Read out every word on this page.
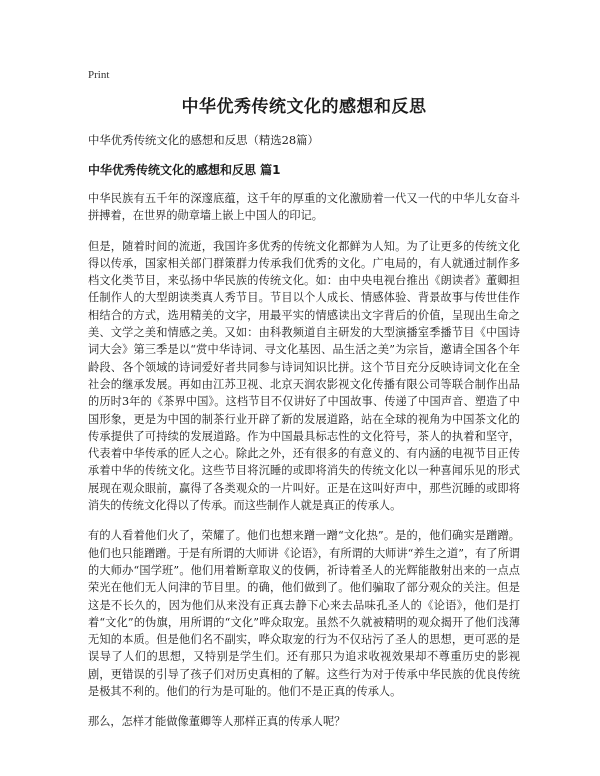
Print
中华优秀传统文化的感想和反思

中华优秀传统文化的感想和反思（精选28篇）

中华优秀传统文化的感想和反思 篇1

中华民族有五千年的深邃底蕴，这千年的厚重的文化激励着一代又一代的中华儿女奋斗拼搏着，在世界的勋章墙上嵌上中国人的印记。

但是，随着时间的流逝，我国许多优秀的传统文化都鲜为人知。为了让更多的传统文化得以传承，国家相关部门群策群力传承我们优秀的文化。广电局的，有人就通过制作多档文化类节目，来弘扬中华民族的传统文化。如：由中央电视台推出《朗读者》董卿担任制作人的大型朗读类真人秀节目。节目以个人成长、情感体验、背景故事与传世佳作相结合的方式，选用精美的文字，用最平实的情感读出文字背后的价值，呈现出生命之美、文学之美和情感之美。又如：由科教频道自主研发的大型演播室季播节目《中国诗词大会》第三季是以“赏中华诗词、寻文化基因、品生活之美”为宗旨，邀请全国各个年龄段、各个领域的诗词爱好者共同参与诗词知识比拼。这个节目充分反映诗词文化在全社会的继承发展。再如由江苏卫视、北京天润农影视文化传播有限公司等联合制作出品的历时3年的《茶界中国》。这档节目不仅讲好了中国故事、传递了中国声音、塑造了中国形象，更是为中国的制茶行业开辟了新的发展道路，站在全球的视角为中国茶文化的传承提供了可持续的发展道路。作为中国最具标志性的文化符号，茶人的执着和坚守，代表着中华传承的匠人之心。除此之外，还有很多的有意义的、有内涵的电视节目正传承着中华的传统文化。这些节目将沉睡的或即将消失的传统文化以一种喜闻乐见的形式展现在观众眼前，赢得了各类观众的一片叫好。正是在这叫好声中，那些沉睡的或即将消失的传统文化得以了传承。而这些制作人就是真正的传承人。

有的人看着他们火了，荣耀了。他们也想来蹭一蹭“文化热”。是的，他们确实是蹭蹭。他们也只能蹭蹭。于是有所谓的大师讲《论语》，有所谓的大师讲“养生之道”，有了所谓的大师办“国学班”。他们用着断章取义的伎俩，祈诗着圣人的光辉能散射出来的一点点荣光在他们无人问津的节目里。的确，他们做到了。他们骗取了部分观众的关注。但是这是不长久的，因为他们从来没有正真去静下心来去品味孔圣人的《论语》，他们是打着“文化”的伪旗，用所谓的“文化”哗众取宠。虽然不久就被精明的观众揭开了他们浅薄无知的本质。但是他们名不副实，哗众取宠的行为不仅玷污了圣人的思想，更可恶的是误导了人们的思想，又特别是学生们。还有那只为追求收视效果却不尊重历史的影视剧，更错误的引导了孩子们对历史真相的了解。这些行为对于传承中华民族的优良传统是极其不利的。他们的行为是可耻的。他们不是正真的传承人。

那么，怎样才能做像董卿等人那样正真的传承人呢？
